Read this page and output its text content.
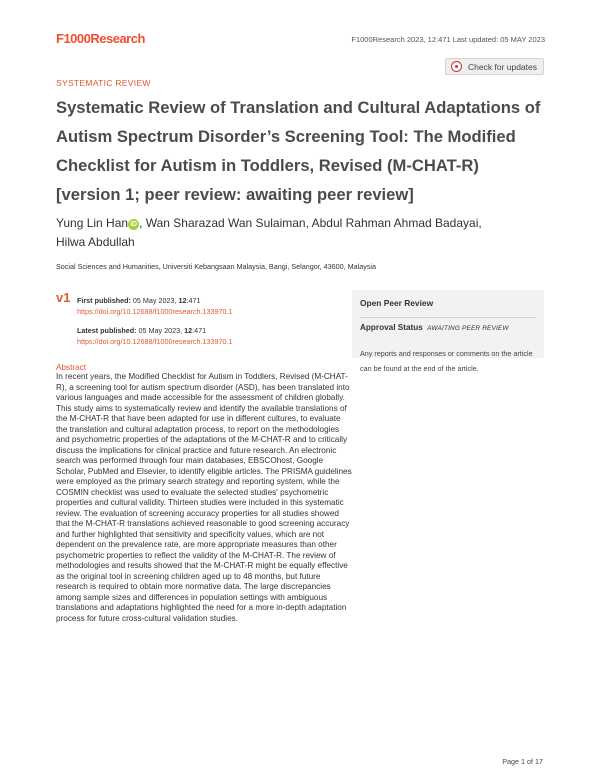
F1000Research	F1000Research 2023, 12:471 Last updated: 05 MAY 2023
SYSTEMATIC REVIEW
Check for updates
Systematic Review of Translation and Cultural Adaptations of Autism Spectrum Disorder’s Screening Tool: The Modified Checklist for Autism in Toddlers, Revised (M-CHAT-R) [version 1; peer review: awaiting peer review]
Yung Lin Han iD , Wan Sharazad Wan Sulaiman, Abdul Rahman Ahmad Badayai,
Hilwa Abdullah
Social Sciences and Humanities, Universiti Kebangsaan Malaysia, Bangi, Selangor, 43600, Malaysia
v1 First published: 05 May 2023, 12:471
https://doi.org/10.12688/f1000research.133970.1
Latest published: 05 May 2023, 12:471
https://doi.org/10.12688/f1000research.133970.1
Open Peer Review
Approval Status AWAITING PEER REVIEW
Any reports and responses or comments on the article can be found at the end of the article.
Abstract

In recent years, the Modified Checklist for Autism in Toddlers, Revised (M-CHAT-R), a screening tool for autism spectrum disorder (ASD), has been translated into various languages and made accessible for the assessment of children globally. This study aims to systematically review and identify the available translations of the M-CHAT-R that have been adapted for use in different cultures, to evaluate the translation and cultural adaptation process, to report on the methodologies and psychometric properties of the adaptations of the M-CHAT-R and to critically discuss the implications for clinical practice and future research. An electronic search was performed through four main databases, EBSCOhost, Google Scholar, PubMed and Elsevier, to identify eligible articles. The PRISMA guidelines were employed as the primary search strategy and reporting system, while the COSMIN checklist was used to evaluate the selected studies' psychometric properties and cultural validity. Thirteen studies were included in this systematic review. The evaluation of screening accuracy properties for all studies showed that the M-CHAT-R translations achieved reasonable to good screening accuracy and further highlighted that sensitivity and specificity values, which are not dependent on the prevalence rate, are more appropriate measures than other psychometric properties to reflect the validity of the M-CHAT-R. The review of methodologies and results showed that the M-CHAT-R might be equally effective as the original tool in screening children aged up to 48 months, but future research is required to obtain more normative data. The large discrepancies among sample sizes and differences in population settings with ambiguous translations and adaptations highlighted the need for a more in-depth adaptation process for future cross-cultural validation studies.

Page 1 of 17
